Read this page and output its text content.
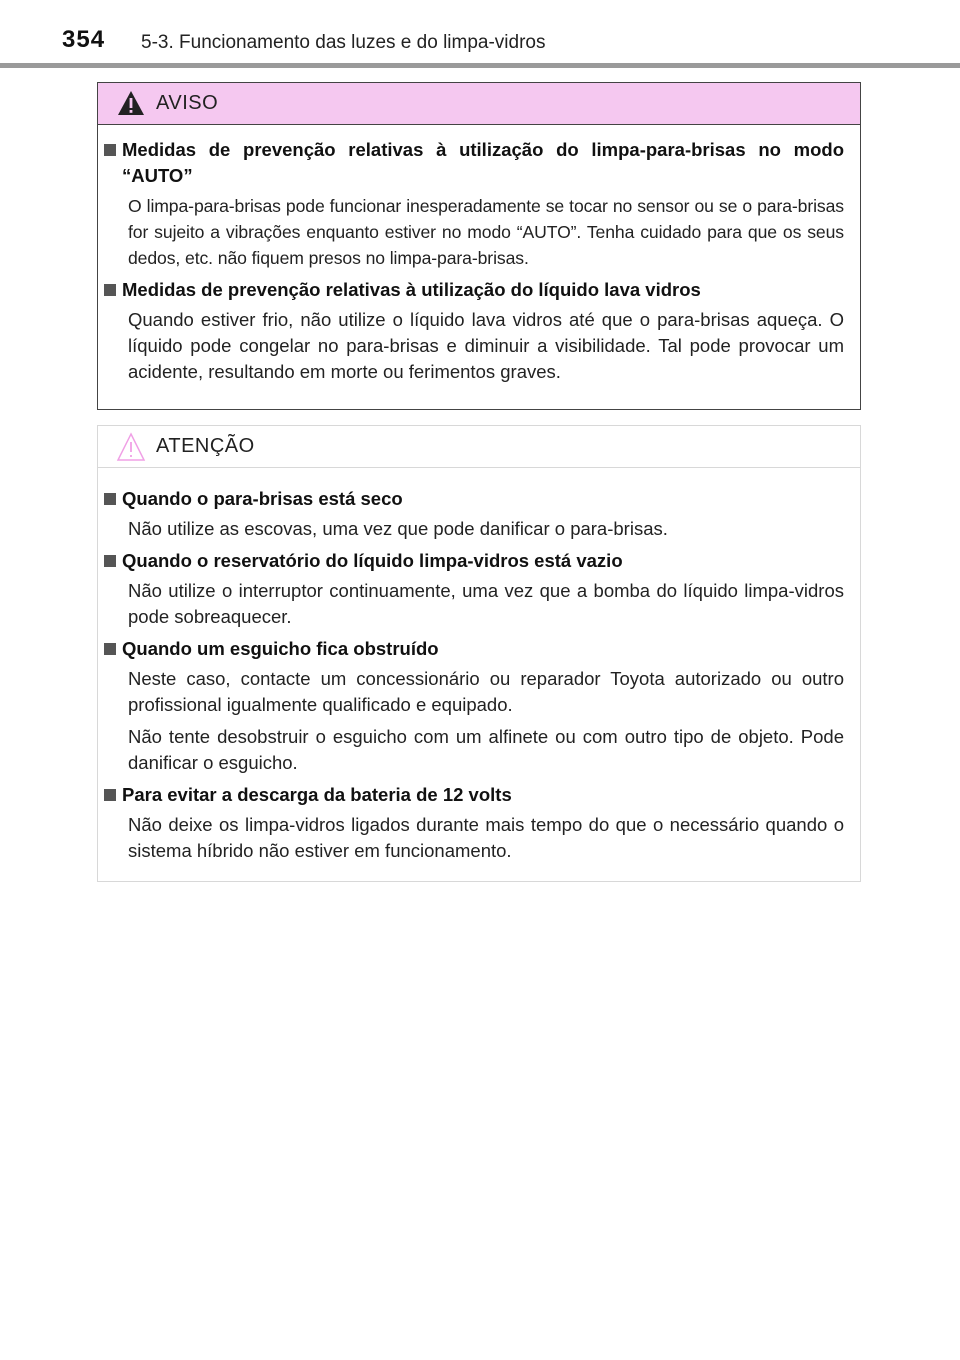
354 5-3. Funcionamento das luzes e do limpa-vidros
AVISO
Medidas de prevenção relativas à utilização do limpa-para-brisas no modo “AUTO”

O limpa-para-brisas pode funcionar inesperadamente se tocar no sensor ou se o para-brisas for sujeito a vibrações enquanto estiver no modo “AUTO”. Tenha cuidado para que os seus dedos, etc. não fiquem presos no limpa-para-brisas.

Medidas de prevenção relativas à utilização do líquido lava vidros

Quando estiver frio, não utilize o líquido lava vidros até que o para-brisas aqueça. O líquido pode congelar no para-brisas e diminuir a visibilidade. Tal pode provocar um acidente, resultando em morte ou ferimentos graves.

ATENÇÃO
Quando o para-brisas está seco

Não utilize as escovas, uma vez que pode danificar o para-brisas.

Quando o reservatório do líquido limpa-vidros está vazio

Não utilize o interruptor continuamente, uma vez que a bomba do líquido limpa-vidros pode sobreaquecer.

Quando um esguicho fica obstruído

Neste caso, contacte um concessionário ou reparador Toyota autorizado ou outro profissional igualmente qualificado e equipado.

Não tente desobstruir o esguicho com um alfinete ou com outro tipo de objeto. Pode danificar o esguicho.

Para evitar a descarga da bateria de 12 volts

Não deixe os limpa-vidros ligados durante mais tempo do que o necessário quando o sistema híbrido não estiver em funcionamento.
